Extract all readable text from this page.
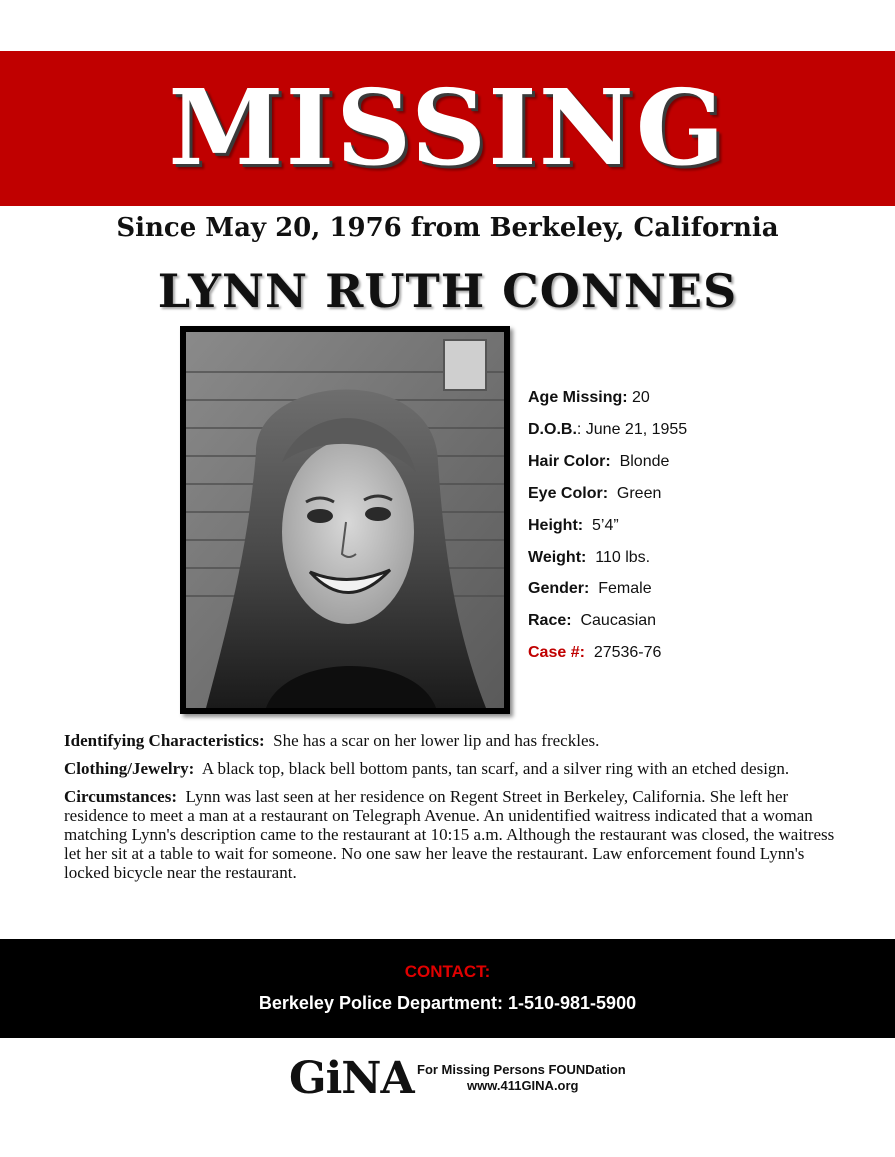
MISSING
Since May 20, 1976 from Berkeley, California
LYNN RUTH CONNES
Age Missing: 20
D.O.B.: June 21, 1955
Hair Color:  Blonde
Eye Color:  Green
Height:  5’4”
Weight:  110 lbs.
Gender:  Female
Race:  Caucasian
Case #:  27536-76

Identifying Characteristics:  She has a scar on her lower lip and has freckles.

Clothing/Jewelry:  A black top, black bell bottom pants, tan scarf, and a silver ring with an etched design.

Circumstances:  Lynn was last seen at her residence on Regent Street in Berkeley, California. She left her residence to meet a man at a restaurant on Telegraph Avenue. An unidentified waitress indicated that a woman matching Lynn's description came to the restaurant at 10:15 a.m. Although the restaurant was closed, the waitress let her sit at a table to wait for someone. No one saw her leave the restaurant. Law enforcement found Lynn's locked bicycle near the restaurant.

CONTACT:
Berkeley Police Department: 1-510-981-5900
GiNA For Missing Persons FOUNDation
www.411GINA.org
